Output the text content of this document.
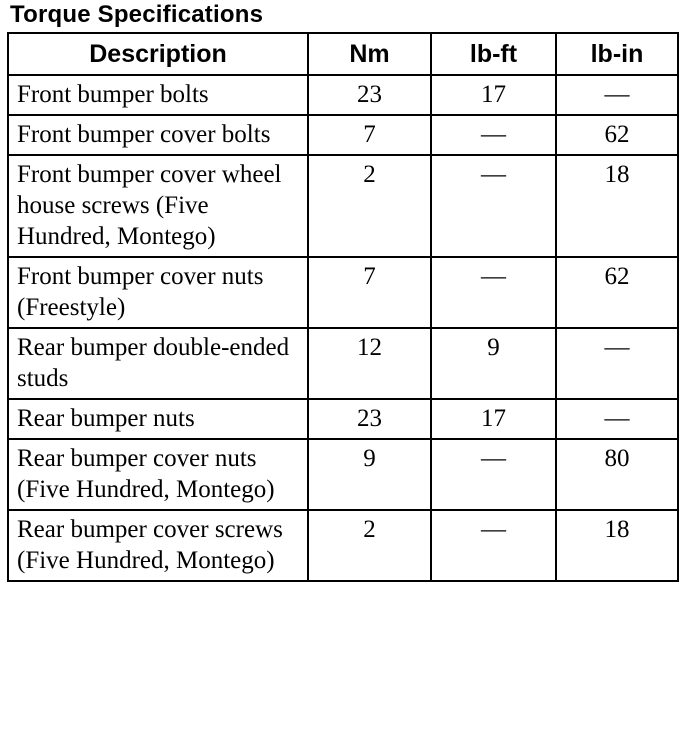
Torque Specifications
Description	Nm	lb-ft	lb-in
Front bumper bolts	23	17	—
Front bumper cover bolts	7	—	62
Front bumper cover wheel house screws (Five Hundred, Montego)	2	—	18
Front bumper cover nuts (Freestyle)	7	—	62
Rear bumper double-ended studs	12	9	—
Rear bumper nuts	23	17	—
Rear bumper cover nuts (Five Hundred, Montego)	9	—	80
Rear bumper cover screws (Five Hundred, Montego)	2	—	18
